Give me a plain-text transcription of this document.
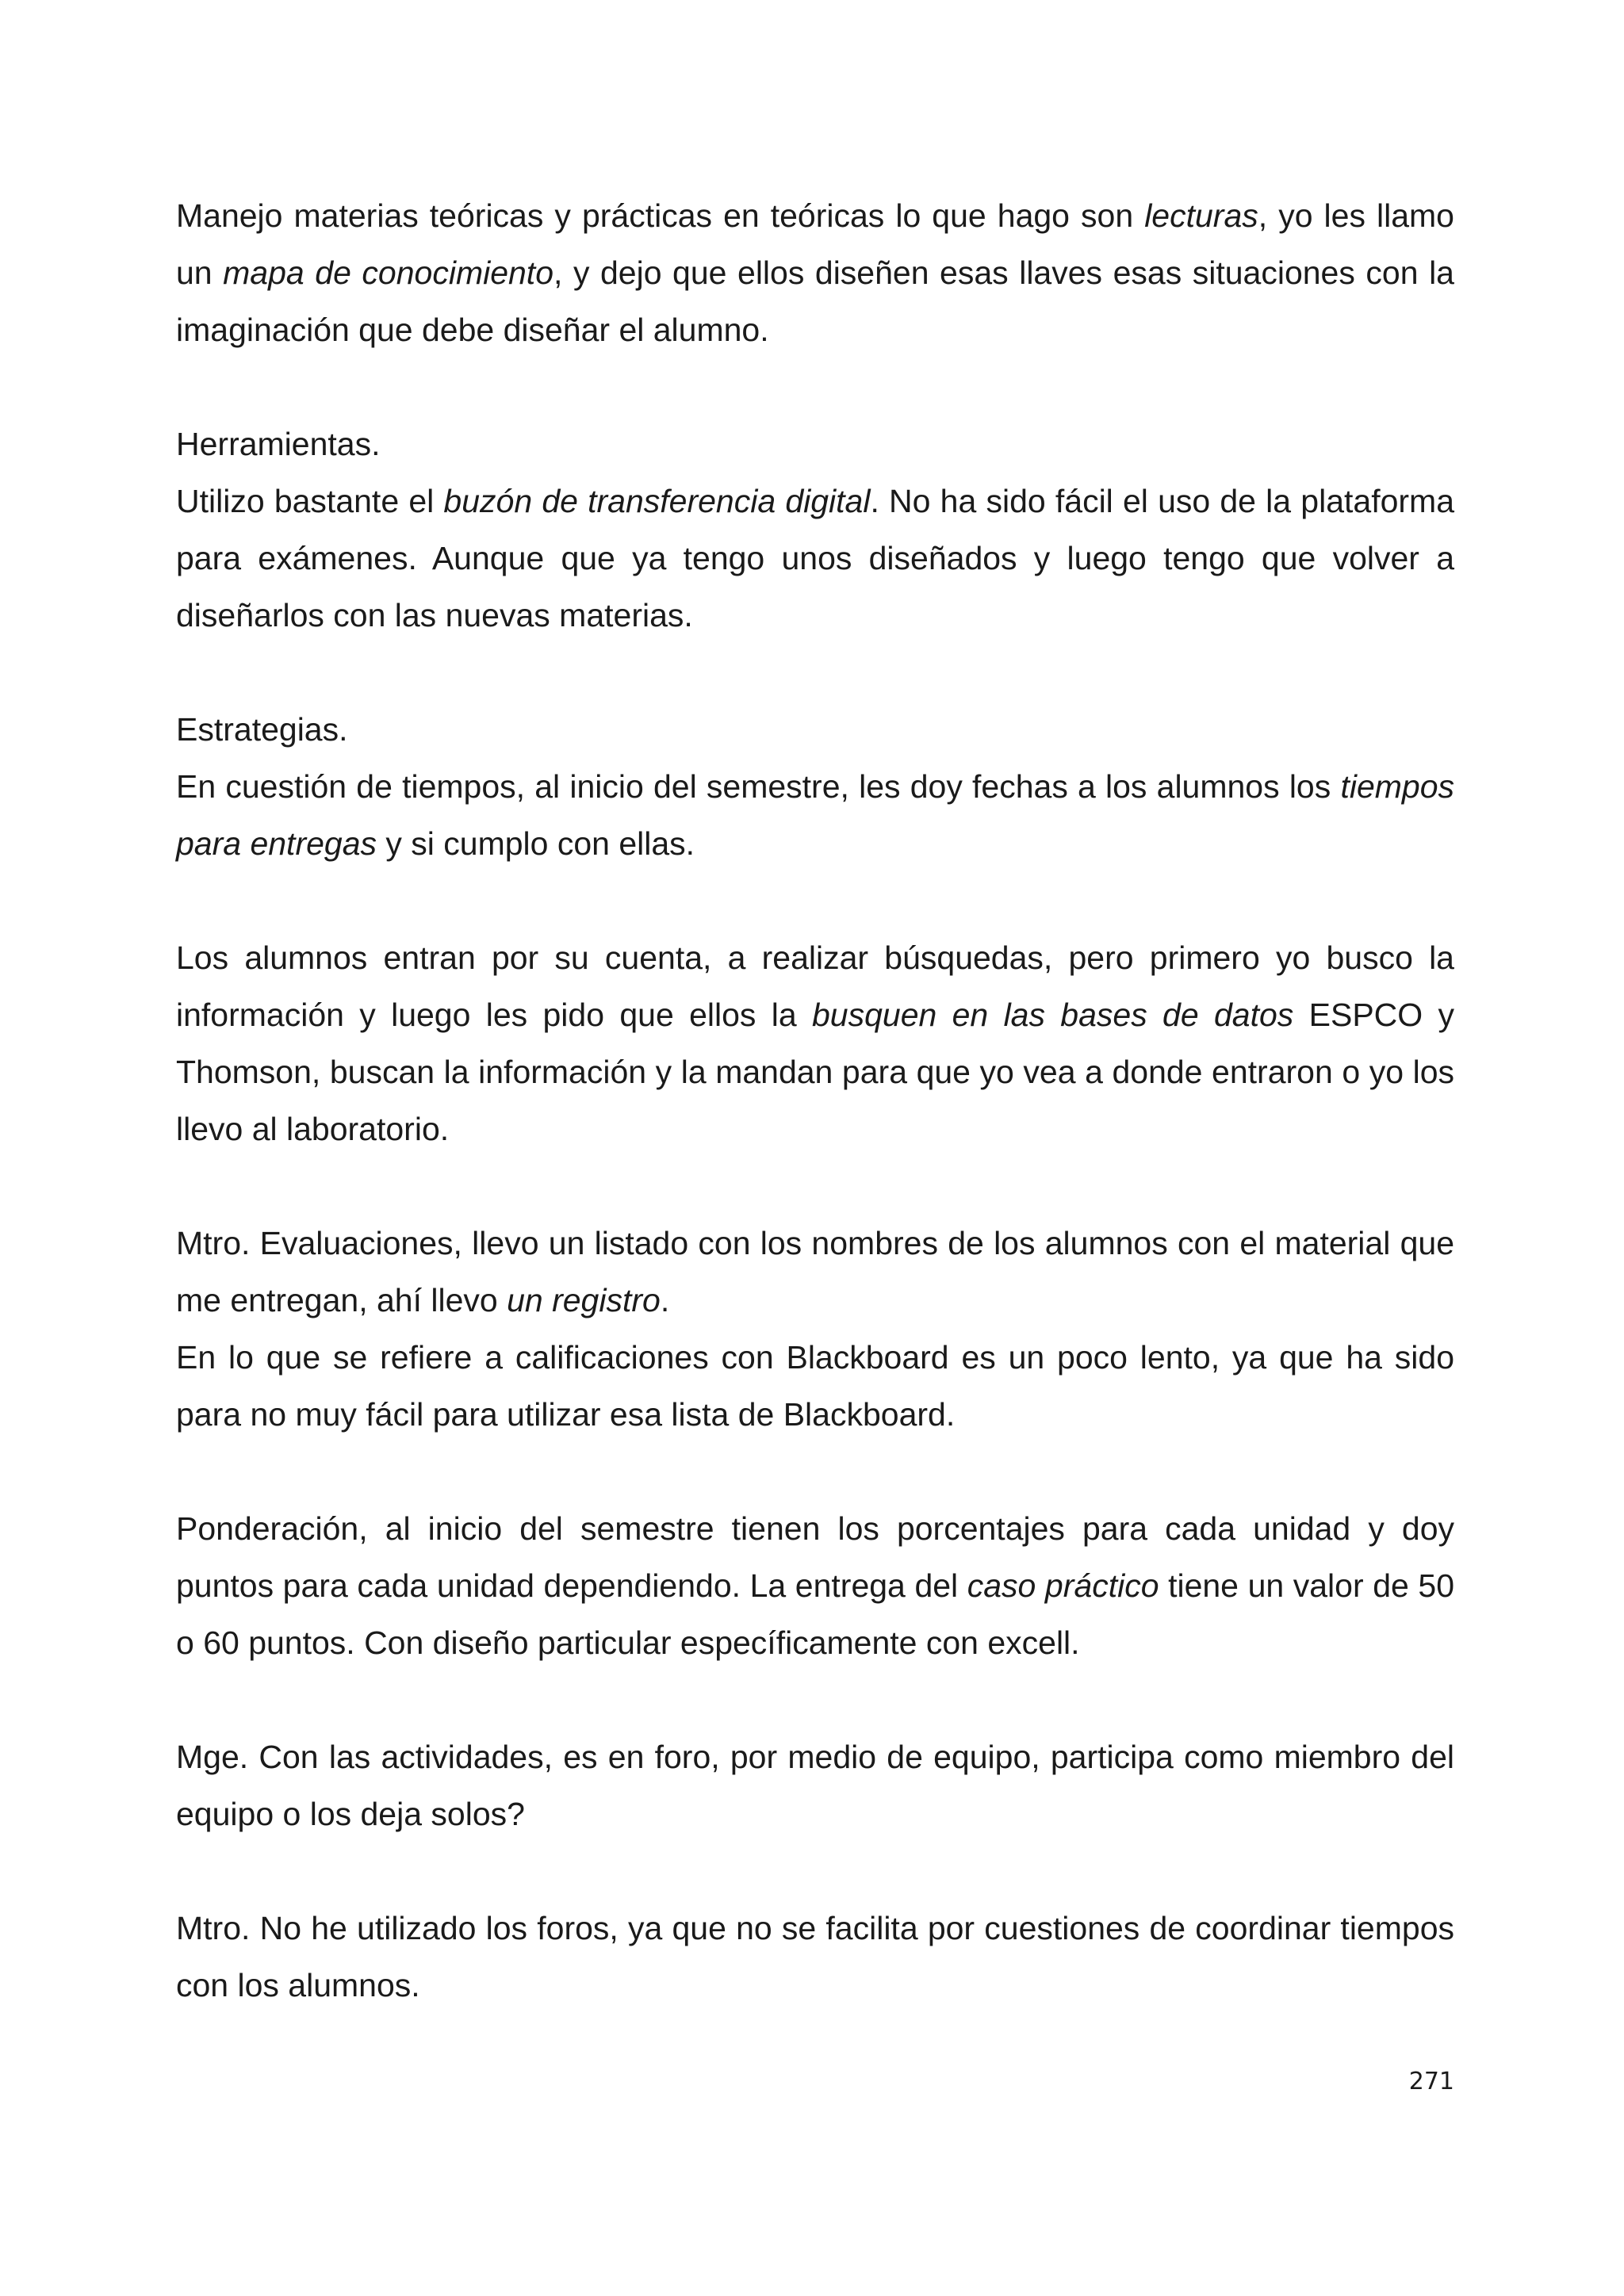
Manejo materias teóricas y prácticas en teóricas lo que hago son lecturas, yo les llamo un mapa de conocimiento, y dejo que ellos diseñen esas llaves esas situaciones con la imaginación que debe diseñar el alumno.

Herramientas.

Utilizo bastante el buzón de transferencia digital. No ha sido fácil el uso de la plataforma para exámenes. Aunque que ya tengo unos diseñados y luego tengo que volver a diseñarlos con las nuevas materias.

Estrategias.

En cuestión de tiempos, al inicio del semestre, les doy fechas a los alumnos los tiempos para entregas y si cumplo con ellas.

Los alumnos entran por su cuenta, a realizar búsquedas, pero primero yo busco la información y luego les pido que ellos la busquen en las bases de datos ESPCO y Thomson, buscan la información y la mandan para que yo vea a donde entraron o yo los llevo al laboratorio.

Mtro. Evaluaciones, llevo un listado con los nombres de los alumnos con el material que me entregan, ahí llevo un registro.

En lo que se refiere a calificaciones con Blackboard es un poco lento, ya que ha sido para no muy fácil para utilizar esa lista de Blackboard.

Ponderación, al inicio del semestre tienen los porcentajes para cada unidad y doy puntos para cada unidad dependiendo. La entrega del caso práctico tiene un valor de 50 o 60 puntos. Con diseño particular específicamente con excell.

Mge. Con las actividades, es en foro, por medio de equipo, participa como miembro del equipo o los deja solos?

Mtro. No he utilizado los foros, ya que no se facilita por cuestiones de coordinar tiempos con los alumnos.

271
